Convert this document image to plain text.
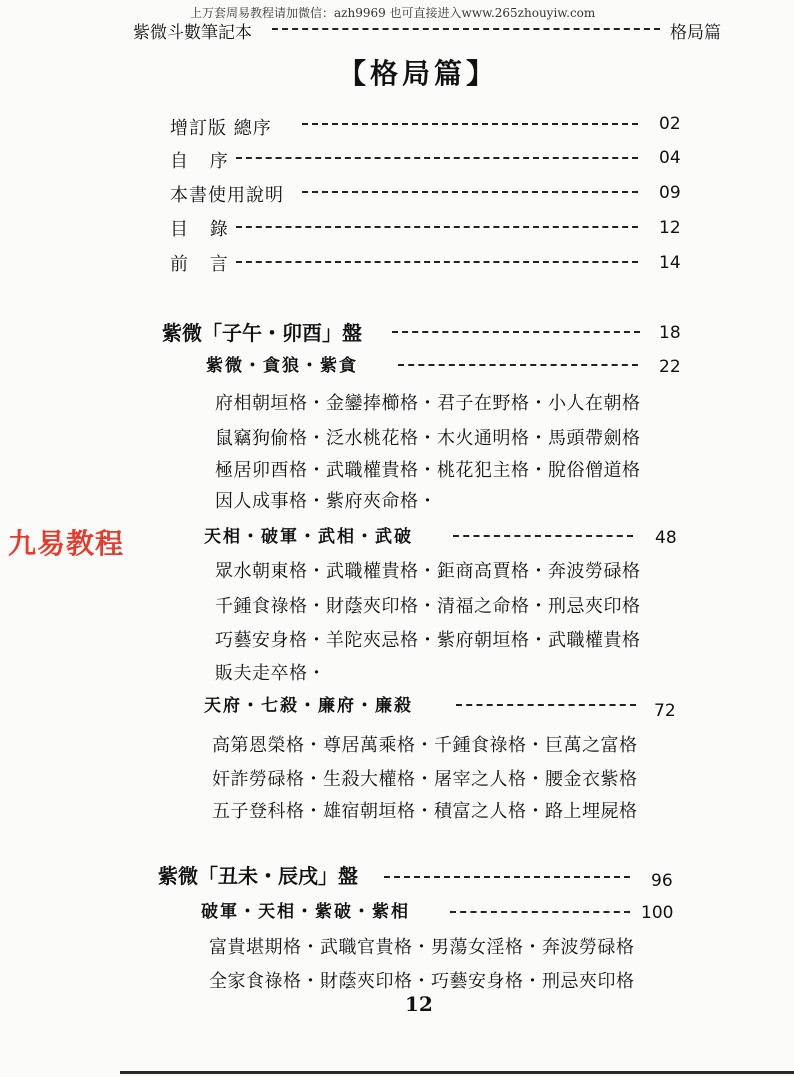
上万套周易教程请加微信：azh9969 也可直接进入www.265zhouyiw.com
紫微斗數筆記本	格局篇
【格局篇】
增訂版 總序	02
自 序	04
本書使用說明	09
目 錄	12
前 言	14
紫微「子午・卯酉」盤	18
紫微・貪狼・紫貪	22
府相朝垣格・金鑾捧櫛格・君子在野格・小人在朝格
鼠竊狗偷格・泛水桃花格・木火通明格・馬頭帶劍格
極居卯酉格・武職權貴格・桃花犯主格・脫俗僧道格
因人成事格・紫府夾命格・
天相・破軍・武相・武破	48
眾水朝東格・武職權貴格・鉅商高賈格・奔波勞碌格
千鍾食祿格・財蔭夾印格・清福之命格・刑忌夾印格
巧藝安身格・羊陀夾忌格・紫府朝垣格・武職權貴格
販夫走卒格・
天府・七殺・廉府・廉殺	72
高第恩榮格・尊居萬乘格・千鍾食祿格・巨萬之富格
奸詐勞碌格・生殺大權格・屠宰之人格・腰金衣紫格
五子登科格・雄宿朝垣格・積富之人格・路上埋屍格
紫微「丑未・辰戌」盤	96
破軍・天相・紫破・紫相	100
富貴堪期格・武職官貴格・男蕩女淫格・奔波勞碌格
全家食祿格・財蔭夾印格・巧藝安身格・刑忌夾印格
九易教程
12
